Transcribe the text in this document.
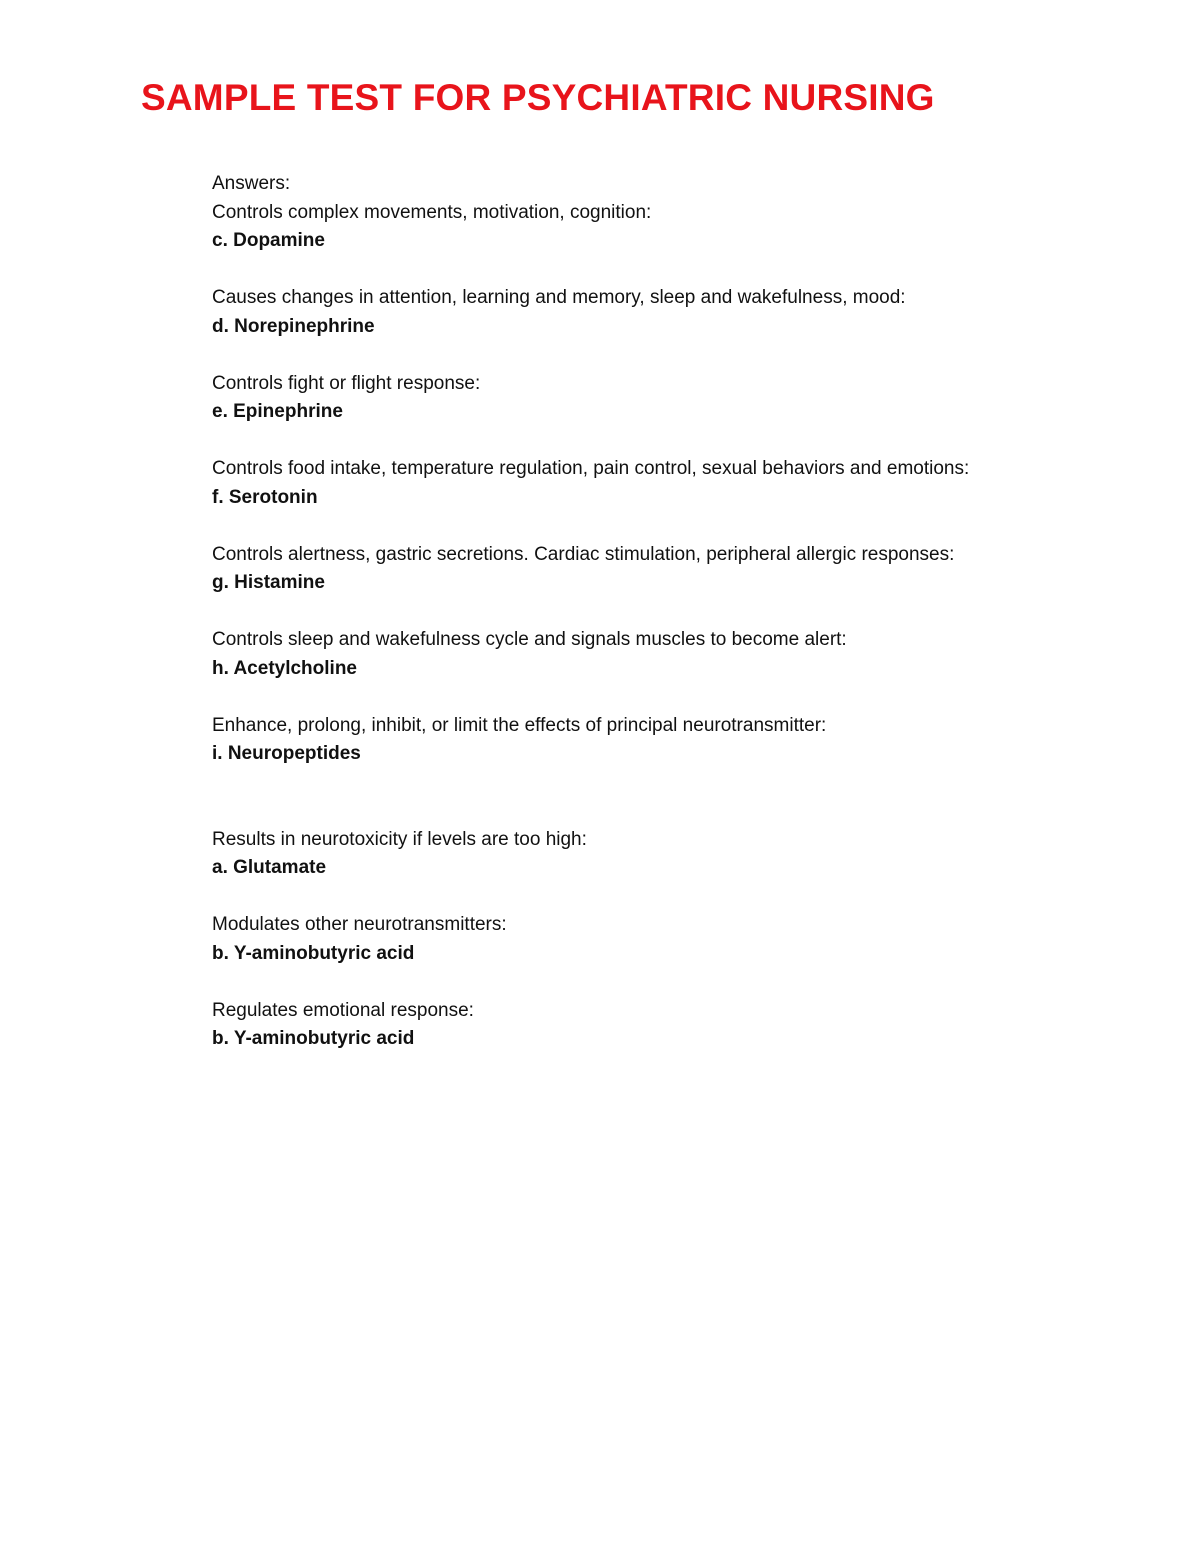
SAMPLE TEST FOR PSYCHIATRIC NURSING
Answers:
Controls complex movements, motivation, cognition:
c. Dopamine
Causes changes in attention, learning and memory, sleep and wakefulness, mood:
d. Norepinephrine
Controls fight or flight response:
e. Epinephrine
Controls food intake, temperature regulation, pain control, sexual behaviors and emotions:
f. Serotonin
Controls alertness, gastric secretions. Cardiac stimulation, peripheral allergic responses:
g. Histamine
Controls sleep and wakefulness cycle and signals muscles to become alert:
h. Acetylcholine
Enhance, prolong, inhibit, or limit the effects of principal neurotransmitter:
i. Neuropeptides
Results in neurotoxicity if levels are too high:
a. Glutamate
Modulates other neurotransmitters:
b. Y-aminobutyric acid
Regulates emotional response:
b. Y-aminobutyric acid
